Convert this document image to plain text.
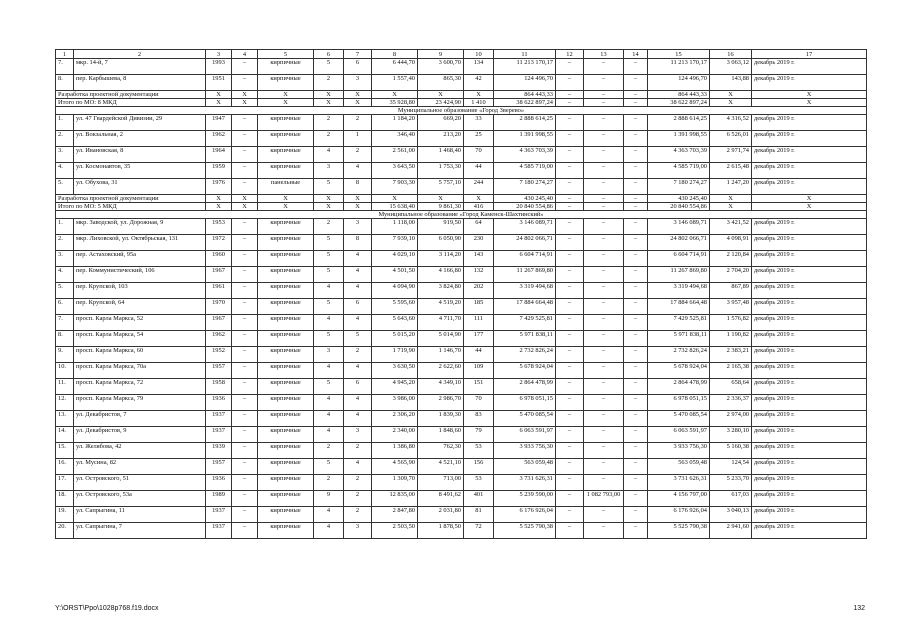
1	2	3	4	5	6	7	8	9	10	11	12	13	14	15	16	17
7.	мкр. 14-й, 7	1993	–	кирпичные	5	6	6 444,70	3 600,70	134	11 213 170,17	–	–	–	11 213 170,17	3 063,12	декабрь 2019 г.
8.	пер. Карбышева, 8	1951	–	кирпичные	2	3	1 557,40	865,30	42	124 496,70	–	–	–	124 496,70	143,88	декабрь 2019 г.
Разработка проектной документации		X	X	X	X	X	X	X	X	864 443,33	–	–	–	864 443,33	X	X
Итого по МО: 8 МКД		X	X	X	X	X	35 928,80	23 424,90	1 410	38 622 897,24	–	–	–	38 622 897,24	X	X
Муниципальное образование «Город Зверево»																
1.	ул. 47 Гвардейской Дивизии, 29	1947	–	кирпичные	2	2	1 184,20	669,20	33	2 888 614,25	–	–	–	2 888 614,25	4 316,52	декабрь 2019 г.
2.	ул. Вокзальная, 2	1962	–	кирпичные	2	1	346,40	213,20	25	1 391 998,55	–	–	–	1 391 998,55	6 526,01	декабрь 2019 г.
3.	ул. Ивановская, 8	1964	–	кирпичные	4	2	2 561,00	1 468,40	70	4 363 703,39	–	–	–	4 363 703,39	2 971,74	декабрь 2019 г.
4.	ул. Космонавтов, 35	1959	–	кирпичные	3	4	3 643,50	1 753,30	44	4 585 719,00	–	–	–	4 585 719,00	2 615,48	декабрь 2019 г.
5.	ул. Обухова, 31	1976	–	панельные	5	8	7 903,30	5 757,10	244	7 180 274,27	–	–	–	7 180 274,27	1 247,20	декабрь 2019 г.
Разработка проектной документации		X	X	X	X	X	X	X	X	430 245,40	–	–	–	430 245,40	X	X
Итого по МО: 5 МКД		X	X	X	X	X	15 638,40	9 861,30	416	20 840 554,86	–	–	–	20 840 554,86	X	X
Муниципальное образование «Город Каменск-Шахтинский»																
1.	мкр. Заводской, ул. Дорожная, 9	1953	–	кирпичные	2	3	1 118,00	919,50	64	3 146 089,71	–	–	–	3 146 089,71	3 421,52	декабрь 2019 г.
2.	мкр. Лиховской, ул. Октябрьская, 131	1972	–	кирпичные	5	8	7 939,10	6 050,90	230	24 802 066,71	–	–	–	24 802 066,71	4 098,91	декабрь 2019 г.
3.	пер. Астаховский, 95а	1960	–	кирпичные	5	4	4 029,10	3 114,20	143	6 604 714,91	–	–	–	6 604 714,91	2 120,84	декабрь 2019 г.
4.	пер. Коммунистический, 106	1967	–	кирпичные	5	4	4 501,50	4 166,80	132	11 267 869,80	–	–	–	11 267 869,80	2 704,20	декабрь 2019 г.
5.	пер. Крупской, 103	1961	–	кирпичные	4	4	4 094,90	3 824,80	202	3 319 494,68	–	–	–	3 319 494,68	867,89	декабрь 2019 г.
6.	пер. Крупской, 64	1970	–	кирпичные	5	6	5 595,60	4 519,20	185	17 884 664,48	–	–	–	17 884 664,48	3 957,48	декабрь 2019 г.
7.	просп. Карла Маркса, 52	1967	–	кирпичные	4	4	5 643,60	4 711,70	111	7 429 525,81	–	–	–	7 429 525,81	1 576,82	декабрь 2019 г.
8.	просп. Карла Маркса, 54	1962	–	кирпичные	5	5	5 015,20	5 014,90	177	5 971 838,11	–	–	–	5 971 838,11	1 190,82	декабрь 2019 г.
9.	просп. Карла Маркса, 60	1952	–	кирпичные	3	2	1 719,90	1 146,70	44	2 732 826,24	–	–	–	2 732 826,24	2 383,21	декабрь 2019 г.
10.	просп. Карла Маркса, 70а	1957	–	кирпичные	4	4	3 630,50	2 622,60	109	5 678 924,04	–	–	–	5 678 924,04	2 165,38	декабрь 2019 г.
11.	просп. Карла Маркса, 72	1958	–	кирпичные	5	6	4 945,20	4 349,10	151	2 864 478,99	–	–	–	2 864 478,99	658,64	декабрь 2019 г.
12.	просп. Карла Маркса, 79	1936	–	кирпичные	4	4	3 986,00	2 986,70	70	6 978 051,15	–	–	–	6 978 051,15	2 336,37	декабрь 2019 г.
13.	ул. Декабристов, 7	1937	–	кирпичные	4	4	2 306,20	1 839,30	83	5 470 085,54	–	–	–	5 470 085,54	2 974,00	декабрь 2019 г.
14.	ул. Декабристов, 9	1937	–	кирпичные	4	3	2 340,00	1 848,60	79	6 063 591,97	–	–	–	6 063 591,97	3 280,10	декабрь 2019 г.
15.	ул. Желябова, 42	1939	–	кирпичные	2	2	1 386,80	762,30	53	3 933 756,30	–	–	–	3 933 756,30	5 160,38	декабрь 2019 г.
16.	ул. Мусина, 82	1957	–	кирпичные	5	4	4 565,90	4 521,10	156	563 059,48	–	–	–	563 059,48	124,54	декабрь 2019 г.
17.	ул. Островского, 51	1936	–	кирпичные	2	2	1 309,70	713,00	53	3 731 626,31	–	–	–	3 731 626,31	5 233,70	декабрь 2019 г.
18.	ул. Островского, 53а	1989	–	кирпичные	9	2	12 835,00	8 491,62	401	5 239 590,00	–	1 082 793,00	–	4 156 797,00	617,03	декабрь 2019 г.
19.	ул. Сапрыгина, 11	1937	–	кирпичные	4	2	2 847,80	2 031,80	81	6 176 926,04	–	–	–	6 176 926,04	3 040,13	декабрь 2019 г.
20.	ул. Сапрыгина, 7	1937	–	кирпичные	4	3	2 503,50	1 878,50	72	5 525 790,38	–	–	–	5 525 790,38	2 941,60	декабрь 2019 г.
Y:\ORST\Ppo\1028p768.f19.docx	132
